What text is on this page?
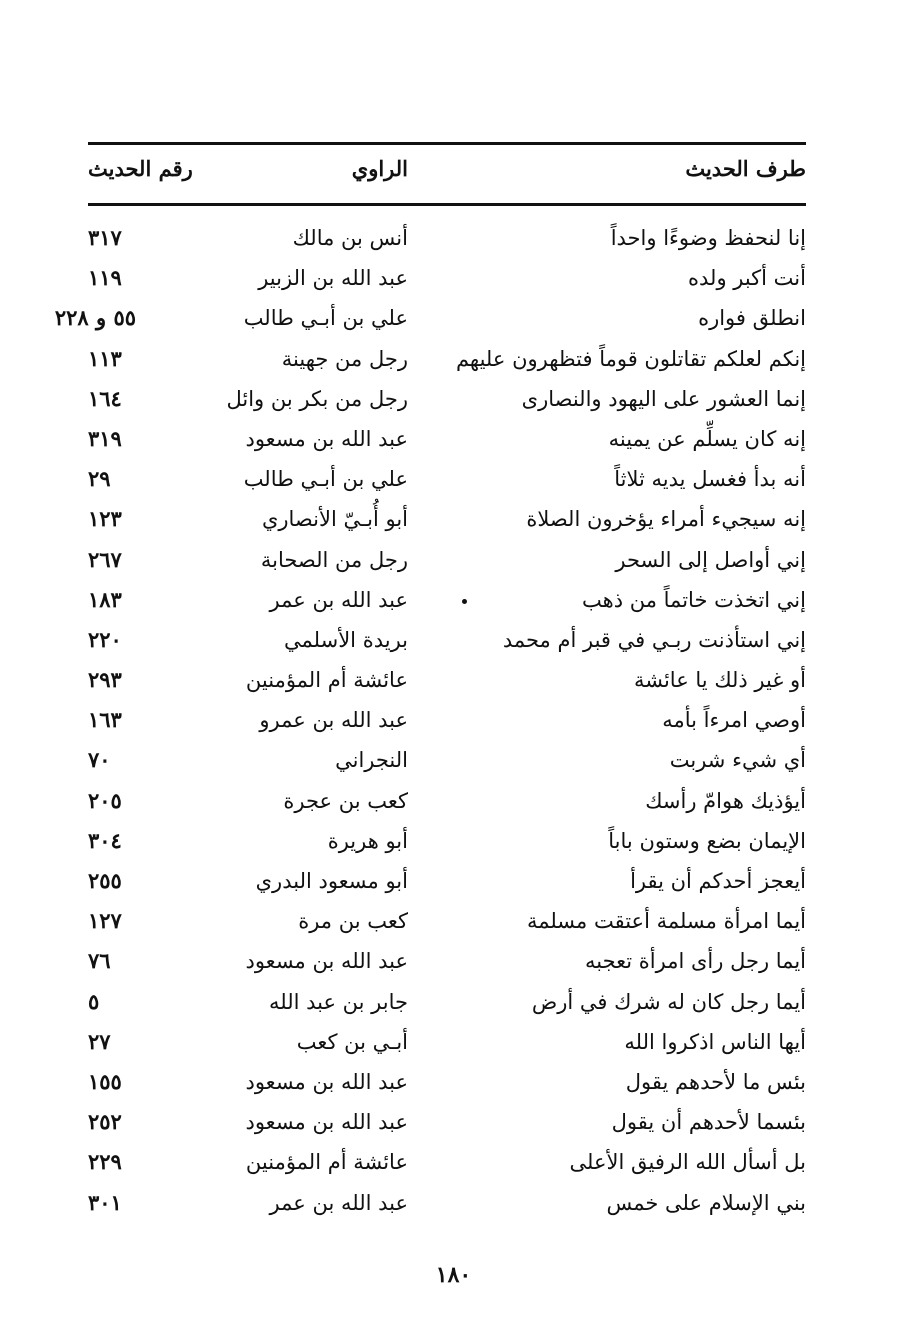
طرف الحديث
الراوي
رقم الحديث
إنا لنحفظ وضوءًا واحداً
أنس بن مالك
٣١٧
أنت أكبر ولده
عبد الله بن الزبير
١١٩
انطلق فواره
علي بن أبـي طالب
٥٥ و ٢٢٨
إنكم لعلكم تقاتلون قوماً فتظهرون عليهم
رجل من جهينة
١١٣
إنما العشور على اليهود والنصارى
رجل من بكر بن وائل
١٦٤
إنه كان يسلِّم عن يمينه
عبد الله بن مسعود
٣١٩
أنه بدأ فغسل يديه ثلاثاً
علي بن أبـي طالب
٢٩
إنه سيجيء أمراء يؤخرون الصلاة
أبو أُبـيّ الأنصاري
١٢٣
إني أواصل إلى السحر
رجل من الصحابة
٢٦٧
إني اتخذت خاتماً من ذهب
عبد الله بن عمر
١٨٣
إني استأذنت ربـي في قبر أم محمد
بريدة الأسلمي
٢٢٠
أو غير ذلك يا عائشة
عائشة أم المؤمنين
٢٩٣
أوصي امرءاً بأمه
عبد الله بن عمرو
١٦٣
أي شيء شربت
النجراني
٧٠
أيؤذيك هوامّ رأسك
كعب بن عجرة
٢٠٥
الإيمان بضع وستون باباً
أبو هريرة
٣٠٤
أيعجز أحدكم أن يقرأ
أبو مسعود البدري
٢٥٥
أيما امرأة مسلمة أعتقت مسلمة
كعب بن مرة
١٢٧
أيما رجل رأى امرأة تعجبه
عبد الله بن مسعود
٧٦
أيما رجل كان له شرك في أرض
جابر بن عبد الله
٥
أيها الناس اذكروا الله
أبـي بن كعب
٢٧
بئس ما لأحدهم يقول
عبد الله بن مسعود
١٥٥
بئسما لأحدهم أن يقول
عبد الله بن مسعود
٢٥٢
بل أسأل الله الرفيق الأعلى
عائشة أم المؤمنين
٢٢٩
بني الإسلام على خمس
عبد الله بن عمر
٣٠١
١٨٠
